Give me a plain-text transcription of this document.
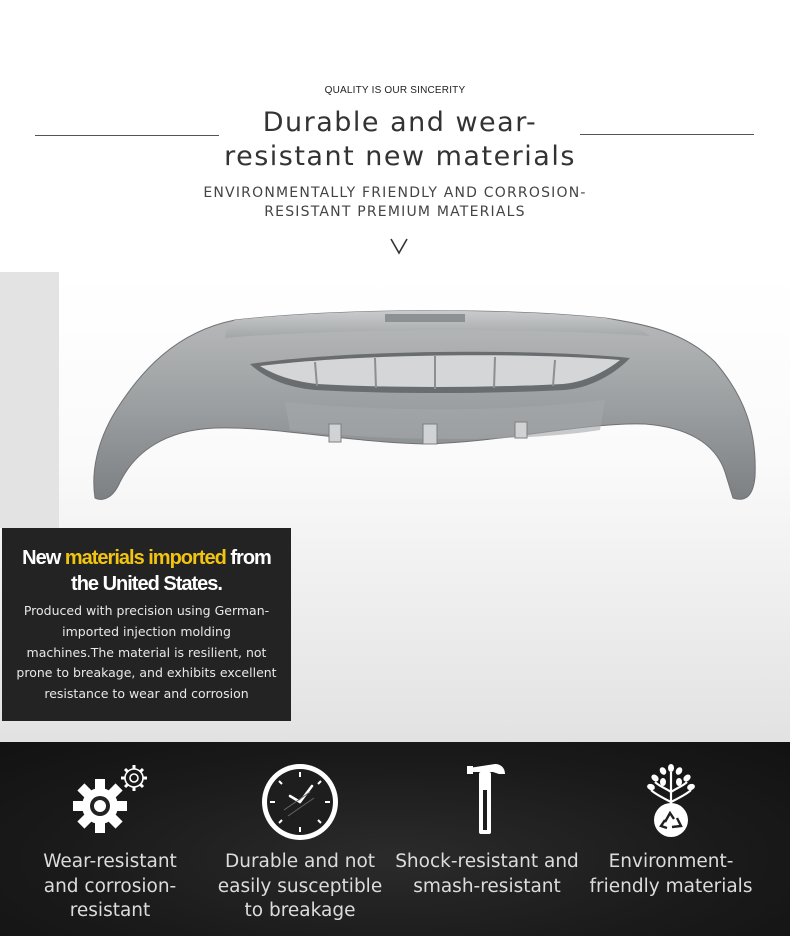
QUALITY IS OUR SINCERITY
Durable and wear-
resistant new materials
ENVIRONMENTALLY FRIENDLY AND CORROSION-
RESISTANT PREMIUM MATERIALS
New materials imported from
the United States.
Produced with precision using German-
imported injection molding
machines.The material is resilient, not
prone to breakage, and exhibits excellent
resistance to wear and corrosion
Wear-resistant
and corrosion-
resistant
Durable and not
easily susceptible
to breakage
Shock-resistant and
smash-resistant
Environment-
friendly materials
